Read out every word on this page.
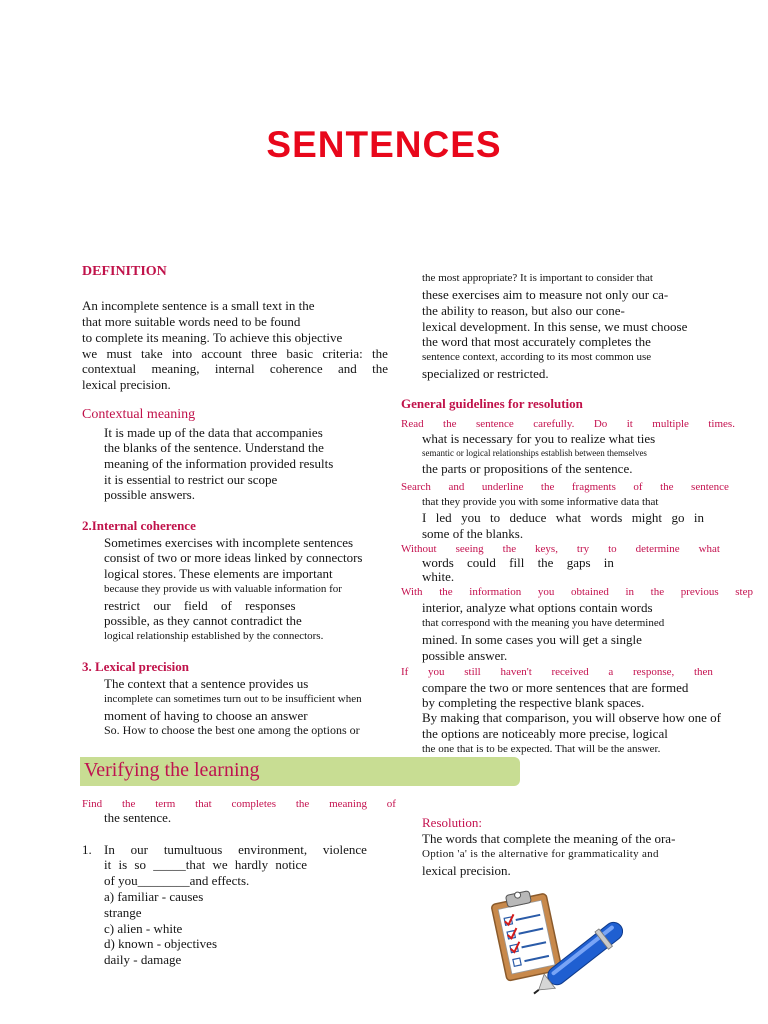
SENTENCES
DEFINITION
An incomplete sentence is a small text in the
that more suitable words need to be found
to complete its meaning. To achieve this objective
we must take into account three basic criteria: the
contextual meaning, internal coherence and the
lexical precision.
Contextual meaning
It is made up of the data that accompanies
the blanks of the sentence. Understand the
meaning of the information provided results
it is essential to restrict our scope
possible answers.
2.Internal coherence
Sometimes exercises with incomplete sentences
consist of two or more ideas linked by connectors
logical stores. These elements are important
because they provide us with valuable information for
restrict our field of responses
possible, as they cannot contradict the
logical relationship established by the connectors.
3. Lexical precision
The context that a sentence provides us
incomplete can sometimes turn out to be insufficient when
moment of having to choose an answer
So. How to choose the best one among the options or
the most appropriate? It is important to consider that
these exercises aim to measure not only our ca-
the ability to reason, but also our cone-
lexical development. In this sense, we must choose
the word that most accurately completes the
sentence context, according to its most common use
specialized or restricted.
General guidelines for resolution
Read the sentence carefully. Do it multiple times.
what is necessary for you to realize what ties
semantic or logical relationships establish between themselves
the parts or propositions of the sentence.
Search and underline the fragments of the sentence
that they provide you with some informative data that
I led you to deduce what words might go in
some of the blanks.
Without seeing the keys, try to determine what
words could fill the gaps in
white.
With the information you obtained in the previous step
interior, analyze what options contain words
that correspond with the meaning you have determined
mined. In some cases you will get a single
possible answer.
If you still haven't received a response, then
compare the two or more sentences that are formed
by completing the respective blank spaces.
By making that comparison, you will observe how one of
the options are noticeably more precise, logical
the one that is to be expected. That will be the answer.
Verifying the learning
Find the term that completes the meaning of
the sentence.
1. In our tumultuous environment, violence
it is so _____that we hardly notice
of you________and effects.
a) familiar - causes
strange
c) alien - white
d) known - objectives
daily - damage
Resolution:
The words that complete the meaning of the ora-
Option 'a' is the alternative for grammaticality and
lexical precision.
